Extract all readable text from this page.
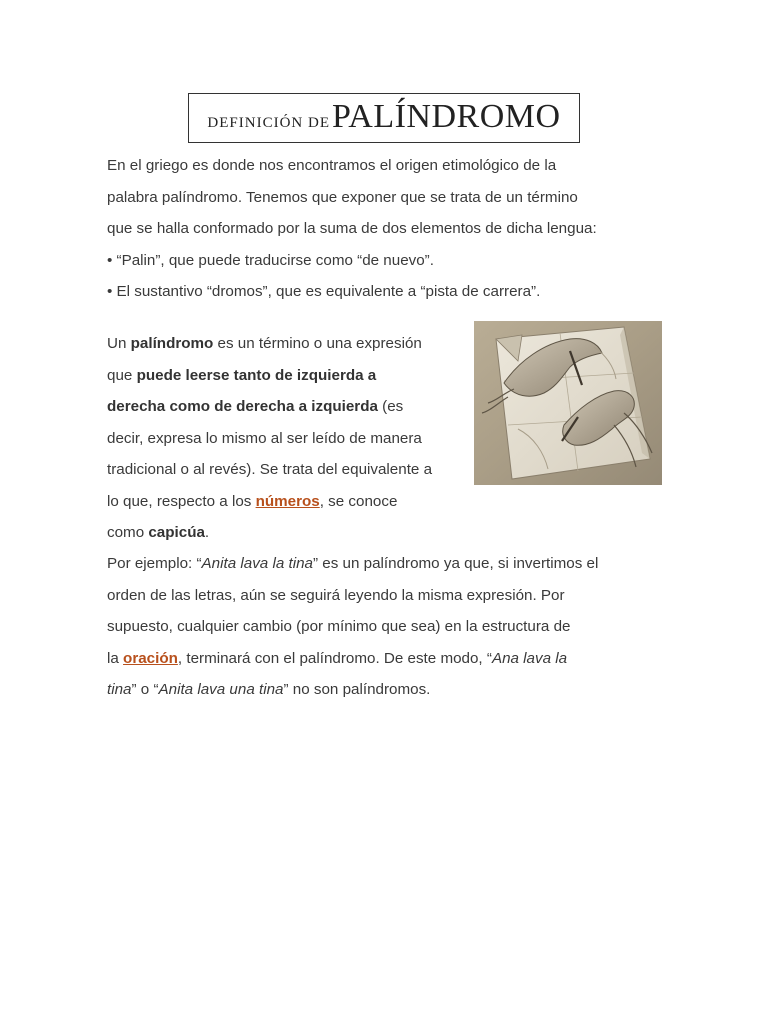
DEFINICIÓN DE PALÍNDROMO
En el griego es donde nos encontramos el origen etimológico de la
palabra palíndromo. Tenemos que exponer que se trata de un término
que se halla conformado por la suma de dos elementos de dicha lengua:
• “Palin”, que puede traducirse como “de nuevo”.
• El sustantivo “dromos”, que es equivalente a “pista de carrera”.
Un palíndromo es un término o una expresión
que puede leerse tanto de izquierda a
derecha como de derecha a izquierda (es
decir, expresa lo mismo al ser leído de manera
tradicional o al revés). Se trata del equivalente a
lo que, respecto a los números, se conoce
como capicúa.
Por ejemplo: “Anita lava la tina” es un palíndromo ya que, si invertimos el
orden de las letras, aún se seguirá leyendo la misma expresión. Por
supuesto, cualquier cambio (por mínimo que sea) en la estructura de
la oración, terminará con el palíndromo. De este modo, “Ana lava la
tina” o “Anita lava una tina” no son palíndromos.
